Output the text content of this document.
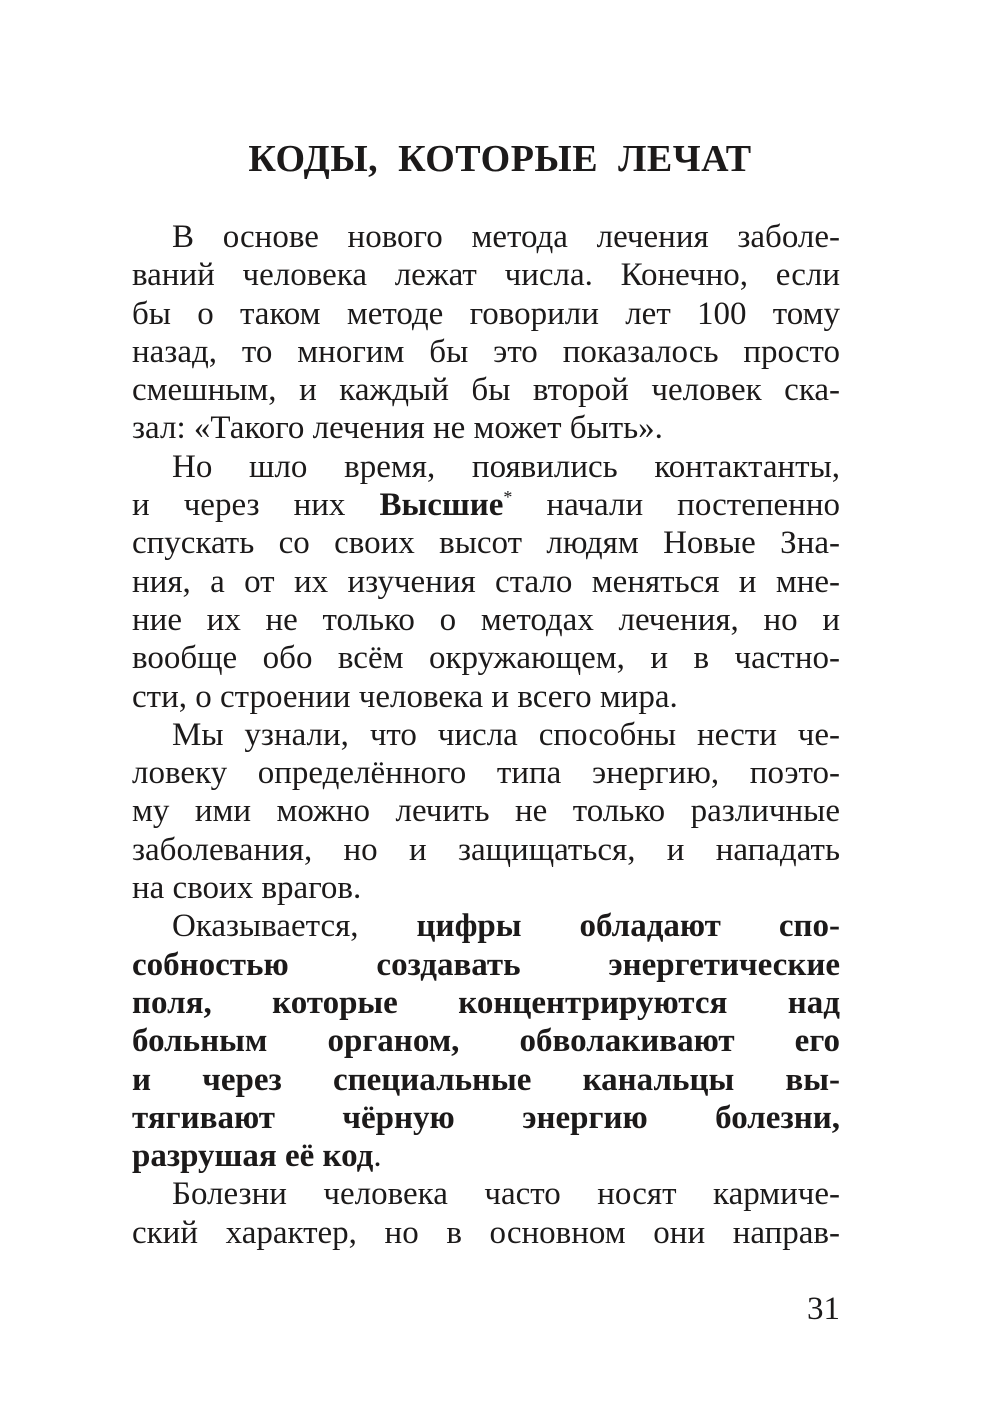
КОДЫ, КОТОРЫЕ ЛЕЧАТ
В основе нового метода лечения заболе-
ваний человека лежат числа. Конечно, если
бы о таком методе говорили лет 100 тому
назад, то многим бы это показалось просто
смешным, и каждый бы второй человек ска-
зал: «Такого лечения не может быть».
Но шло время, появились контактанты,
и через них Высшие* начали постепенно
спускать со своих высот людям Новые Зна-
ния, а от их изучения стало меняться и мне-
ние их не только о методах лечения, но и
вообще обо всём окружающем, и в частно-
сти, о строении человека и всего мира.
Мы узнали, что числа способны нести че-
ловеку определённого типа энергию, поэто-
му ими можно лечить не только различные
заболевания, но и защищаться, и нападать
на своих врагов.
Оказывается, цифры обладают спо-
собностью создавать энергетические
поля, которые концентрируются над
больным органом, обволакивают его
и через специальные канальцы вы-
тягивают чёрную энергию болезни,
разрушая её код.
Болезни человека часто носят кармиче-
ский характер, но в основном они направ-
31
